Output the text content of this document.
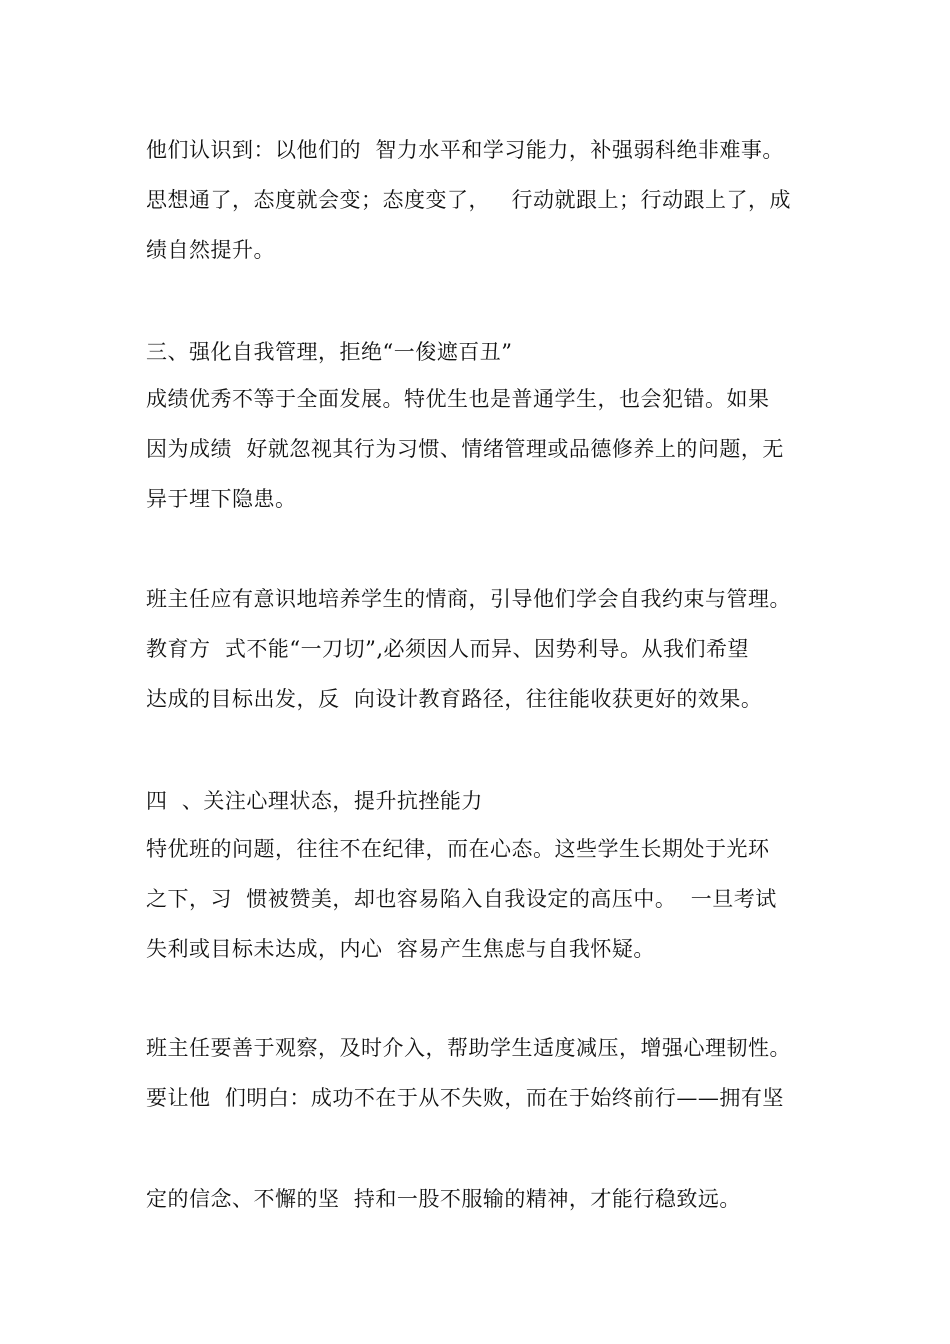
他们认识到：以他们的  智力水平和学习能力，补强弱科绝非难事。
思想通了，态度就会变；态度变了，   行动就跟上；行动跟上了，成
绩自然提升。
三、强化自我管理，拒绝“一俊遮百丑”
成绩优秀不等于全面发展。特优生也是普通学生，也会犯错。如果
因为成绩  好就忽视其行为习惯、情绪管理或品德修养上的问题，无
异于埋下隐患。
班主任应有意识地培养学生的情商，引导他们学会自我约束与管理。
教育方  式不能“一刀切”,必须因人而异、因势利导。从我们希望
达成的目标出发，反  向设计教育路径，往往能收获更好的效果。
四  、关注心理状态，提升抗挫能力
特优班的问题，往往不在纪律，而在心态。这些学生长期处于光环
之下，习  惯被赞美，却也容易陷入自我设定的高压中。  一旦考试
失利或目标未达成，内心  容易产生焦虑与自我怀疑。
班主任要善于观察，及时介入，帮助学生适度减压，增强心理韧性。
要让他  们明白：成功不在于从不失败，而在于始终前行——拥有坚
定的信念、不懈的坚  持和一股不服输的精神，才能行稳致远。
